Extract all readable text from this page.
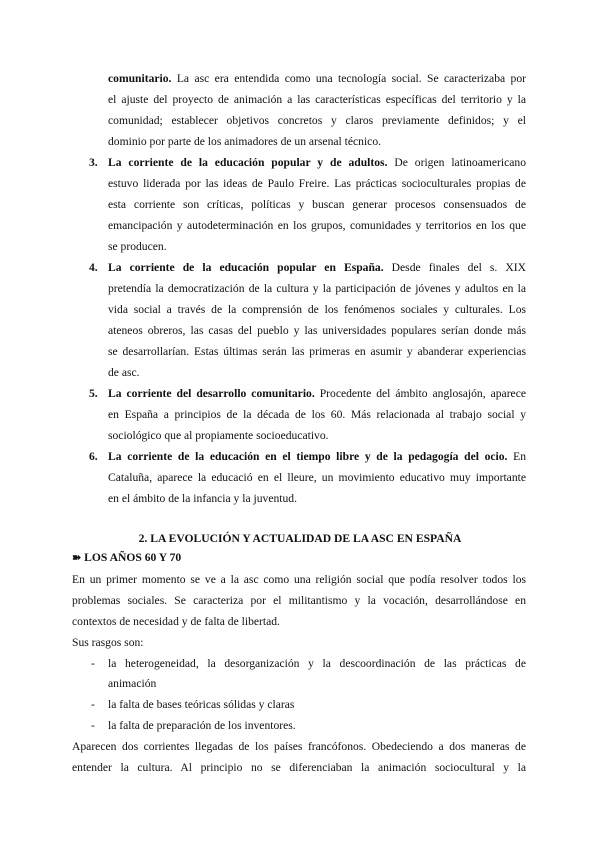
comunitario. La asc era entendida como una tecnología social. Se caracterizaba por
el ajuste del proyecto de animación a las características específicas del territorio y la
comunidad; establecer objetivos concretos y claros previamente definidos; y el
dominio por parte de los animadores de un arsenal técnico.
3. La corriente de la educación popular y de adultos. De origen latinoamericano
estuvo liderada por las ideas de Paulo Freire. Las prácticas socioculturales propias de
esta corriente son críticas, políticas y buscan generar procesos consensuados de
emancipación y autodeterminación en los grupos, comunidades y territorios en los que
se producen.
4. La corriente de la educación popular en España. Desde finales del s. XIX
pretendía la democratización de la cultura y la participación de jóvenes y adultos en la
vida social a través de la comprensión de los fenómenos sociales y culturales. Los
ateneos obreros, las casas del pueblo y las universidades populares serían donde más
se desarrollarían. Estas últimas serán las primeras en asumir y abanderar experiencias
de asc.
5. La corriente del desarrollo comunitario. Procedente del ámbito anglosajón, aparece
en España a principios de la década de los 60. Más relacionada al trabajo social y
sociológico que al propiamente socioeducativo.
6. La corriente de la educación en el tiempo libre y de la pedagogía del ocio. En
Cataluña, aparece la educació en el lleure, un movimiento educativo muy importante
en el ámbito de la infancia y la juventud.
2. LA EVOLUCIÓN Y ACTUALIDAD DE LA ASC EN ESPAÑA
➽ LOS AÑOS 60 Y 70
En un primer momento se ve a la asc como una religión social que podía resolver todos los
problemas sociales. Se caracteriza por el militantismo y la vocación, desarrollándose en
contextos de necesidad y de falta de libertad.
Sus rasgos son:
- la heterogeneidad, la desorganización y la descoordinación de las prácticas de
animación
- la falta de bases teóricas sólidas y claras
- la falta de preparación de los inventores.
Aparecen dos corrientes llegadas de los países francófonos. Obedeciendo a dos maneras de
entender la cultura. Al principio no se diferenciaban la animación sociocultural y la
